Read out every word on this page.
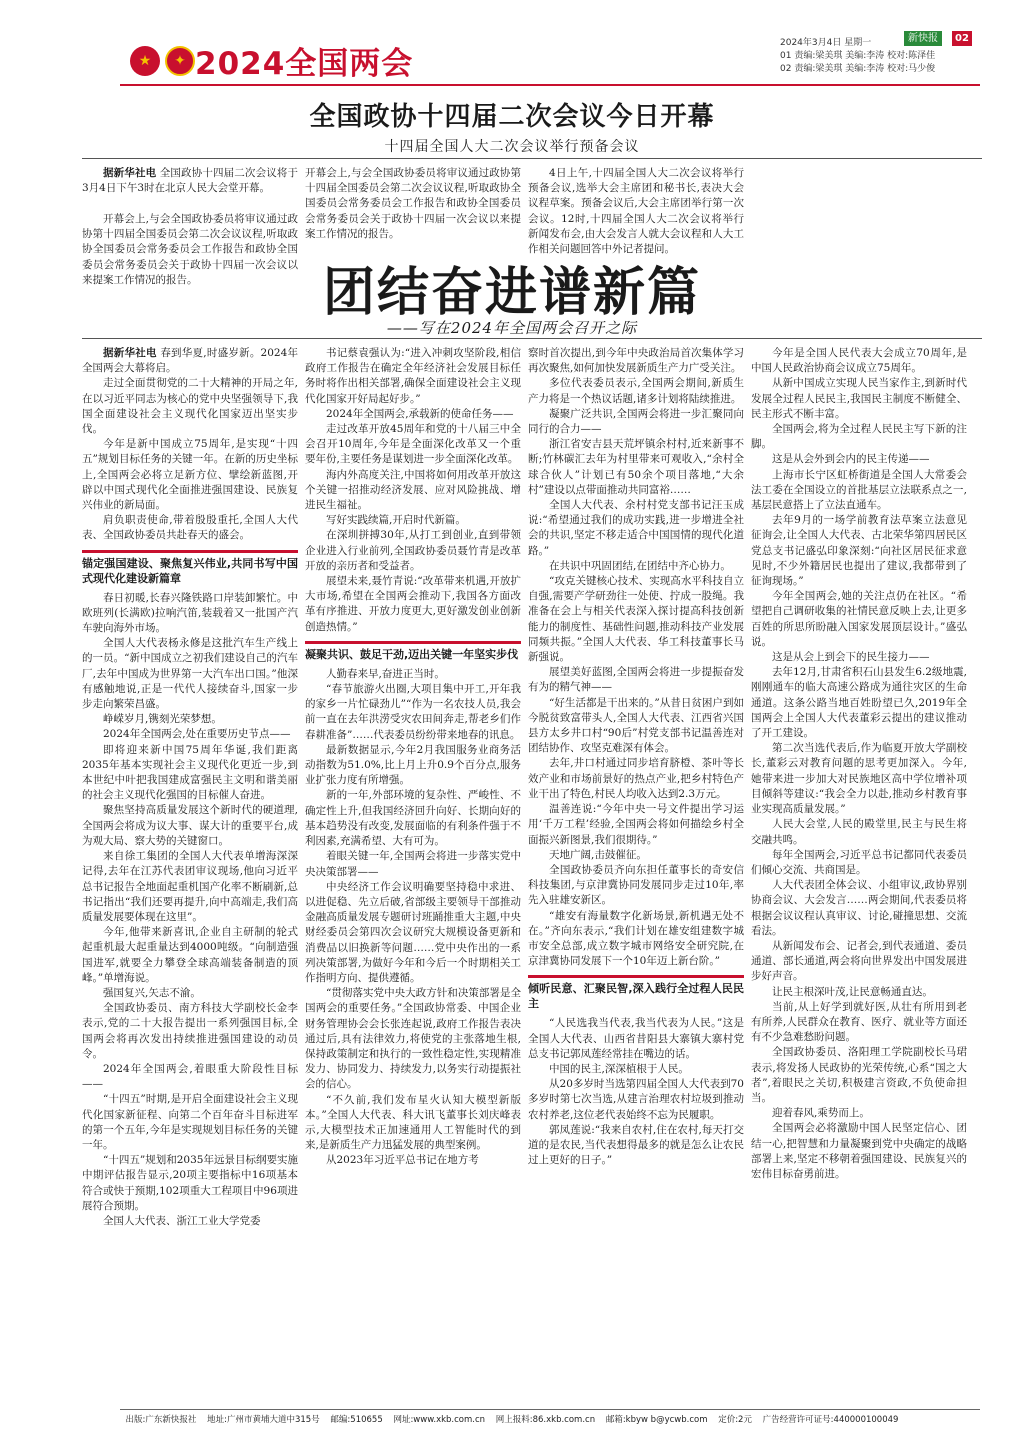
★ ✦ 2024全国两会
2024年3月4日 星期一
01 责编:梁美琪 美编:李涛 校对:陈泽佳
02 责编:梁美琪 美编:李涛 校对:马少俊
新快报	02
全国政协十四届二次会议今日开幕
十四届全国人大二次会议举行预备会议

据新华社电 全国政协十四届二次会议将于3月4日下午3时在北京人民大会堂开幕。

开幕会上,与会全国政协委员将审议通过政协第十四届全国委员会第二次会议议程,听取政协全国委员会常务委员会工作报告和政协全国委员会常务委员会关于政协十四届一次会议以来提案工作情况的报告。

4日上午,十四届全国人大二次会议将举行预备会议,选举大会主席团和秘书长,表决大会议程草案。预备会议后,大会主席团举行第一次会议。12时,十四届全国人大二次会议将举行新闻发布会,由大会发言人就大会议程和人大工作相关问题回答中外记者提问。

团结奋进谱新篇
——写在2024年全国两会召开之际

据新华社电 春到华夏,时盛岁新。2024年全国两会大幕将启。

走过全面贯彻党的二十大精神的开局之年,在以习近平同志为核心的党中央坚强领导下,我国全面建设社会主义现代化国家迈出坚实步伐。

今年是新中国成立75周年,是实现“十四五”规划目标任务的关键一年。在新的历史坐标上,全国两会必将立足新方位、擘绘新蓝图,开辟以中国式现代化全面推进强国建设、民族复兴伟业的新局面。

肩负职责使命,带着殷殷重托,全国人大代表、全国政协委员共赴春天的盛会。

锚定强国建设、聚焦复兴伟业,共同书写中国式现代化建设新篇章

春日初暖,长春兴隆铁路口岸装卸繁忙。中欧班列(长满欧)拉响汽笛,装载着又一批国产汽车驶向海外市场。

全国人大代表杨永修是这批汽车生产线上的一员。“新中国成立之初我们建设自己的汽车厂,去年中国成为世界第一大汽车出口国。”他深有感触地说,正是一代代人接续奋斗,国家一步步走向繁荣昌盛。

峥嵘岁月,镌刻光荣梦想。

2024年全国两会,处在重要历史节点——

即将迎来新中国75周年华诞,我们距离2035年基本实现社会主义现代化更近一步,到本世纪中叶把我国建成富强民主文明和谐美丽的社会主义现代化强国的目标催人奋进。

聚焦坚持高质量发展这个新时代的硬道理,全国两会将成为议大事、谋大计的重要平台,成为观大局、察大势的关键窗口。

来自徐工集团的全国人大代表单增海深深记得,去年在江苏代表团审议现场,他向习近平总书记报告全地面起重机国产化率不断刷新,总书记指出“我们还要再提升,向中高端走,我们高质量发展要体现在这里”。

今年,他带来新喜讯,企业自主研制的轮式起重机最大起重量达到4000吨级。“向制造强国进军,就要全力攀登全球高端装备制造的顶峰。”单增海说。

强国复兴,矢志不渝。

全国政协委员、南方科技大学副校长金李表示,党的二十大报告提出一系列强国目标,全国两会将再次发出持续推进强国建设的动员令。

2024年全国两会,着眼重大阶段性目标——

“十四五”时期,是开启全面建设社会主义现代化国家新征程、向第二个百年奋斗目标进军的第一个五年,今年是实现规划目标任务的关键一年。

“十四五”规划和2035年远景目标纲要实施中期评估报告显示,20项主要指标中16项基本符合或快于预期,102项重大工程项目中96项进展符合预期。

全国人大代表、浙江工业大学党委

书记蔡袁强认为:“进入冲刺攻坚阶段,相信政府工作报告在确定全年经济社会发展目标任务时将作出相关部署,确保全面建设社会主义现代化国家开好局起好步。”

2024年全国两会,承载新的使命任务——

走过改革开放45周年和党的十八届三中全会召开10周年,今年是全面深化改革又一个重要年份,主要任务是谋划进一步全面深化改革。

海内外高度关注,中国将如何用改革开放这个关键一招推动经济发展、应对风险挑战、增进民生福祉。

写好实践续篇,开启时代新篇。

在深圳拼搏30年,从打工到创业,直到带领企业进入行业前列,全国政协委员聂竹青是改革开放的亲历者和受益者。

展望未来,聂竹青说:“改革带来机遇,开放扩大市场,希望在全国两会推动下,我国各方面改革有序推进、开放力度更大,更好激发创业创新创造热情。”

凝聚共识、鼓足干劲,迈出关键一年坚实步伐

人勤春来早,奋进正当时。

“春节旅游火出圈,大项目集中开工,开年我的家乡一片忙碌劲儿”“作为一名农技人员,我会前一直在去年洪涝受灾农田间奔走,帮老乡们作春耕准备”……代表委员纷纷带来地春的讯息。

最新数据显示,今年2月我国服务业商务活动指数为51.0%,比上月上升0.9个百分点,服务业扩张力度有所增强。

新的一年,外部环境的复杂性、严峻性、不确定性上升,但我国经济回升向好、长期向好的基本趋势没有改变,发展面临的有利条件强于不利因素,充满希望、大有可为。

着眼关键一年,全国两会将进一步落实党中央决策部署——

中央经济工作会议明确要坚持稳中求进、以进促稳、先立后破,省部级主要领导干部推动金融高质量发展专题研讨班踊推重大主题,中央财经委员会第四次会议研究大规模设备更新和消费品以旧换新等问题……党中央作出的一系列决策部署,为做好今年和今后一个时期相关工作指明方向、提供遵循。

“贯彻落实党中央大政方针和决策部署是全国两会的重要任务。”全国政协常委、中国企业财务管理协会会长张连起说,政府工作报告表决通过后,具有法律效力,将使党的主张落地生根,保持政策制定和执行的一致性稳定性,实现精准发力、协同发力、持续发力,以务实行动提振社会的信心。

“不久前,我们发布星火认知大模型新版本。”全国人大代表、科大讯飞董事长刘庆峰表示,大模型技术正加速通用人工智能时代的到来,是新质生产力迅猛发展的典型案例。

从2023年习近平总书记在地方考

察时首次提出,到今年中央政治局首次集体学习再次聚焦,如何加快发展新质生产力广受关注。

多位代表委员表示,全国两会期间,新质生产力将是一个热议话题,诸多计划将陆续推进。

凝聚广泛共识,全国两会将进一步汇聚同向同行的合力——

浙江省安吉县天荒坪镇余村村,近来新事不断;竹林碳汇去年为村里带来可观收入,“余村全球合伙人”计划已有50余个项目落地,“大余村”建设以点带面推动共同富裕……

全国人大代表、余村村党支部书记汪玉成说:“希望通过我们的成功实践,进一步增进全社会的共识,坚定不移走适合中国国情的现代化道路。”

在共识中巩固团结,在团结中齐心协力。

“攻克关键核心技术、实现高水平科技自立自强,需要产学研劲往一处使、拧成一股绳。我准备在会上与相关代表深入探讨提高科技创新能力的制度性、基础性问题,推动科技产业发展同频共振。”全国人大代表、华工科技董事长马新强说。

展望美好蓝图,全国两会将进一步提振奋发有为的精气神——

“好生活都是干出来的。”从昔日贫困户到如今脱贫致富带头人,全国人大代表、江西省兴国县方太乡井口村“90后”村党支部书记温善连对团结协作、攻坚克难深有体会。

去年,井口村通过同步培育脐橙、茶叶等长效产业和市场前景好的热点产业,把乡村特色产业干出了特色,村民人均收入达到2.3万元。

温善连说:“今年中央一号文件提出学习运用‘千万工程’经验,全国两会将如何描绘乡村全面振兴新图景,我们很期待。”

天地广阔,击鼓催征。

全国政协委员齐向东担任董事长的奇安信科技集团,与京津冀协同发展同步走过10年,率先入驻雄安新区。

“雄安有海量数字化新场景,新机遇无处不在。”齐向东表示,“我们计划在雄安组建数字城市安全总部,成立数字城市网络安全研究院,在京津冀协同发展下一个10年迈上新台阶。”

倾听民意、汇聚民智,深入践行全过程人民民主

“人民选我当代表,我当代表为人民。”这是全国人大代表、山西省昔阳县大寨镇大寨村党总支书记郭凤莲经常挂在嘴边的话。

中国的民主,深深植根于人民。

从20多岁时当选第四届全国人大代表到70多岁时第七次当选,从建言治理农村垃圾到推动农村养老,这位老代表始终不忘为民履职。

郭凤莲说:“我来自农村,住在农村,每天打交道的是农民,当代表想得最多的就是怎么让农民过上更好的日子。”

今年是全国人民代表大会成立70周年,是中国人民政治协商会议成立75周年。

从新中国成立实现人民当家作主,到新时代发展全过程人民民主,我国民主制度不断健全、民主形式不断丰富。

全国两会,将为全过程人民民主写下新的注脚。

这是从会外到会内的民主传递——

上海市长宁区虹桥街道是全国人大常委会法工委在全国设立的首批基层立法联系点之一,基层民意搭上了立法直通车。

去年9月的一场学前教育法草案立法意见征询会,让全国人大代表、古北荣华第四居民区党总支书记盛弘印象深刻:“向社区居民征求意见时,不少外籍居民也提出了建议,我都带到了征询现场。”

今年全国两会,她的关注点仍在社区。“希望把自己调研收集的社情民意反映上去,让更多百姓的所思所盼融入国家发展顶层设计。”盛弘说。

这是从会上到会下的民生接力——

去年12月,甘肃省积石山县发生6.2级地震,刚刚通车的临大高速公路成为通往灾区的生命通道。这条公路当地百姓盼望已久,2019年全国两会上全国人大代表董彩云提出的建议推动了开工建设。

第二次当选代表后,作为临夏开放大学副校长,董彩云对教育问题的思考更加深入。今年,她带来进一步加大对民族地区高中学位增补项目倾斜等建议:“我会全力以赴,推动乡村教育事业实现高质量发展。”

人民大会堂,人民的殿堂里,民主与民生将交融共鸣。

每年全国两会,习近平总书记都同代表委员们倾心交流、共商国是。

人大代表团全体会议、小组审议,政协界别协商会议、大会发言……两会期间,代表委员将根据会议议程认真审议、讨论,碰撞思想、交流看法。

从新闻发布会、记者会,到代表通道、委员通道、部长通道,两会将向世界发出中国发展进步好声音。

让民主根深叶茂,让民意畅通直达。

当前,从上好学到就好医,从壮有所用到老有所养,人民群众在教育、医疗、就业等方面还有不少急难愁盼问题。

全国政协委员、洛阳理工学院副校长马珺表示,将发扬人民政协的光荣传统,心系“国之大者”,着眼民之关切,积极建言资政,不负使命担当。

迎着春风,乘势而上。

全国两会必将激励中国人民坚定信心、团结一心,把智慧和力量凝聚到党中央确定的战略部署上来,坚定不移朝着强国建设、民族复兴的宏伟目标奋勇前进。

出版:广东新快报社 地址:广州市黄埔大道中315号 邮编:510655 网址:www.xkb.com.cn 网上报料:86.xkb.com.cn 邮箱:kbyw b@ycwb.com 定价:2元 广告经营许可证号:440000100049

开幕会上,与会全国政协委员将审议通过政协第十四届全国委员会第二次会议议程,听取政协全国委员会常务委员会工作报告和政协全国委员会常务委员会关于政协十四届一次会议以来提案工作情况的报告。
